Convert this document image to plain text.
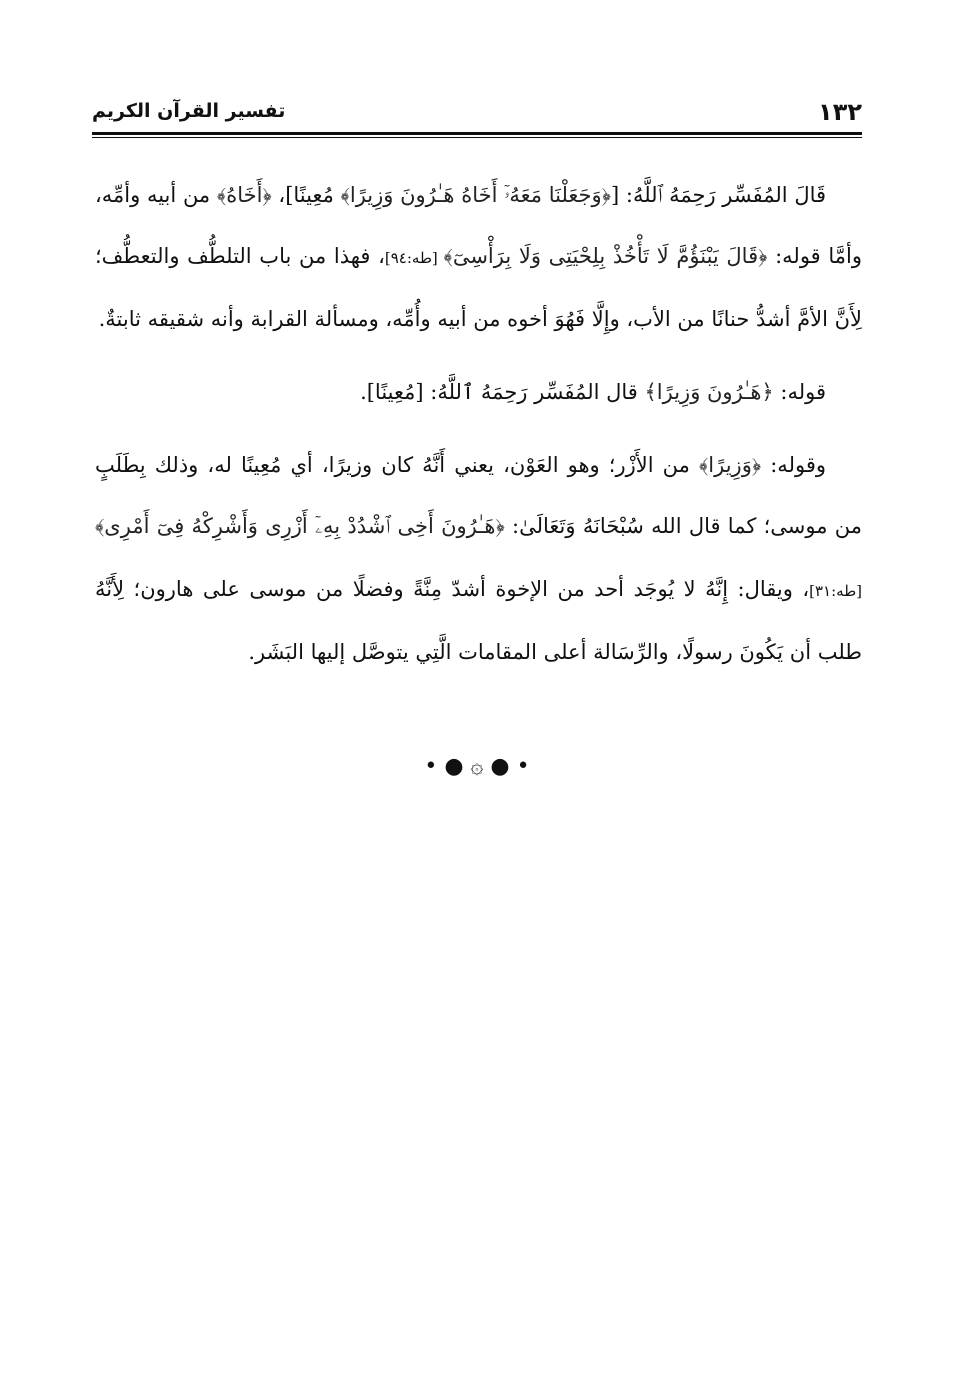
١٣٢
تفسير القرآن الكريم

قَالَ المُفَسِّر رَحِمَهُ ٱللَّهُ: [﴿وَجَعَلْنَا مَعَهُۥٓ أَخَاهُ هَـٰرُونَ وَزِيرًا﴾ مُعِينًا]، ﴿أَخَاهُ﴾ من أبيه وأمِّه، وأمَّا قوله: ﴿قَالَ يَبْنَؤُمَّ لَا تَأْخُذْ بِلِحْيَتِى وَلَا بِرَأْسِىٓ﴾ [طه:٩٤]، فهذا من باب التلطُّف والتعطُّف؛ لِأَنَّ الأمَّ أشدُّ حنانًا من الأب، وإِلَّا فَهُوَ أخوه من أبيه وأُمِّه، ومسألة القرابة وأنه شقيقه ثابتةٌ.

قوله: ﴿هَـٰرُونَ وَزِيرًا﴾ قال المُفَسِّر رَحِمَهُ ٱللَّهُ: [مُعِينًا].

وقوله: ﴿وَزِيرًا﴾ من الأَزْر؛ وهو العَوْن، يعني أَنَّهُ كان وزيرًا، أي مُعِينًا له، وذلك بِطَلَبٍ من موسى؛ كما قال الله سُبْحَانَهُ وَتَعَالَىٰ: ﴿هَـٰرُونَ أَخِى ٱشْدُدْ بِهِۦٓ أَزْرِى وَأَشْرِكْهُ فِىٓ أَمْرِى﴾ [طه:٣١]، ويقال: إِنَّهُ لا يُوجَد أحد من الإخوة أشدّ مِنَّةً وفضلًا من موسى على هارون؛ لِأَنَّهُ طلب أن يَكُونَ رسولًا، والرِّسَالة أعلى المقامات الَّتِي يتوصَّل إليها البَشَر.

• ● ۞ ● •
